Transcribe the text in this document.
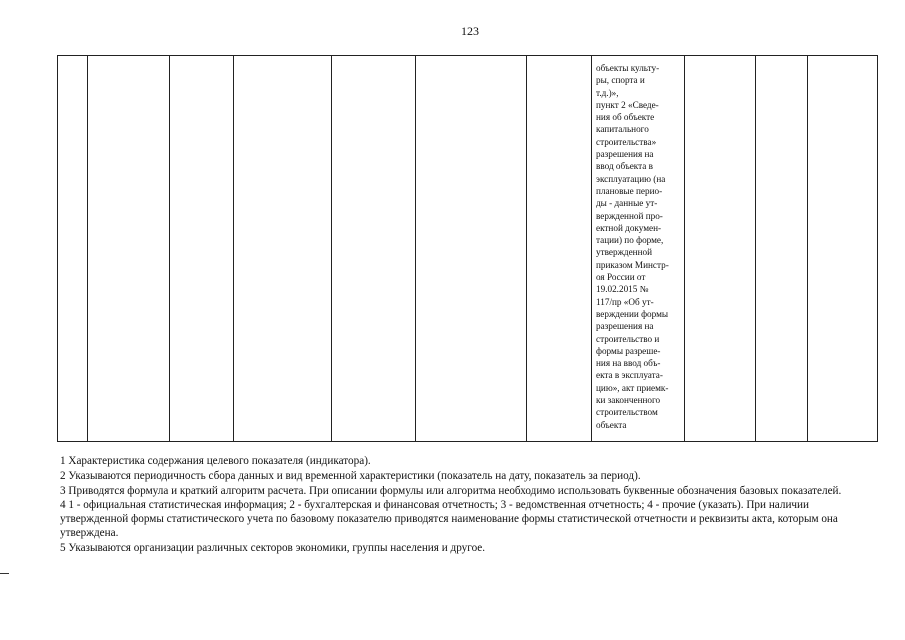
123

объекты культу-
ры, спорта и
т.д.)»,
пункт 2 «Сведе-
ния об объекте
капитального
строительства»
разрешения на
ввод объекта в
эксплуатацию (на
плановые перио-
ды - данные ут-
вержденной про-
ектной докумен-
тации) по форме,
утвержденной
приказом Минстр-
оя России от
19.02.2015 №
117/пр «Об ут-
верждении формы
разрешения на
строительство и
формы разреше-
ния на ввод объ-
екта в эксплуата-
цию», акт приемк-
ки законченного
строительством
объекта

1 Характеристика содержания целевого показателя (индикатора).

2 Указываются периодичность сбора данных и вид временной характеристики (показатель на дату, показатель за период).

3 Приводятся формула и краткий алгоритм расчета. При описании формулы или алгоритма необходимо использовать буквенные обозначения базовых показателей.

4 1 - официальная статистическая информация; 2 - бухгалтерская и финансовая отчетность; 3 - ведомственная отчетность; 4 - прочие (указать). При наличии утвержденной формы статистического учета по базовому показателю приводятся наименование формы статистической отчетности и реквизиты акта, которым она утверждена.

5 Указываются организации различных секторов экономики, группы населения и другое.
